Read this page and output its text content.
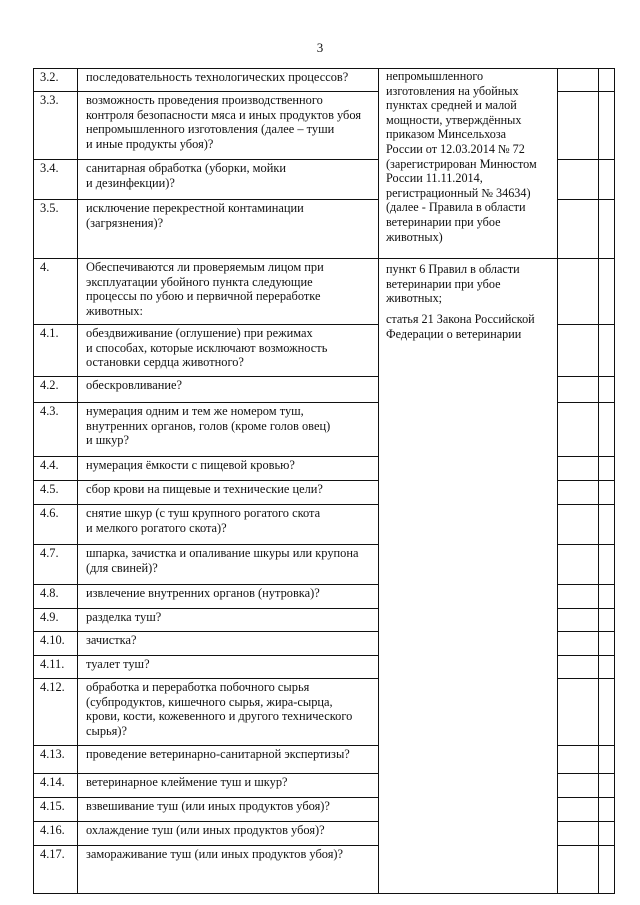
3
3.2. последовательность технологических процессов?
3.3. возможность проведения производственного
контроля безопасности мяса и иных продуктов убоя
непромышленного изготовления (далее – туши
и иные продукты убоя)?
3.4. санитарная обработка (уборки, мойки
и дезинфекции)?
3.5. исключение перекрестной контаминации
(загрязнения)?
4.	Обеспечиваются ли проверяемым лицом при
эксплуатации убойного пункта следующие
процессы по убою и первичной переработке
животных:
4.1. обездвиживание (оглушение) при режимах
и способах, которые исключают возможность
остановки сердца животного?
4.2. обескровливание?
4.3. нумерация одним и тем же номером туш,
внутренних органов, голов (кроме голов овец)
и шкур?
4.4. нумерация ёмкости с пищевой кровью?
4.5. сбор крови на пищевые и технические цели?
4.6. снятие шкур (с туш крупного рогатого скота
и мелкого рогатого скота)?
4.7. шпарка, зачистка и опаливание шкуры или крупона
(для свиней)?
4.8. извлечение внутренних органов (нутровка)?
4.9. разделка туш?
4.10. зачистка?
4.11. туалет туш?
4.12. обработка и переработка побочного сырья
(субпродуктов, кишечного сырья, жира-сырца,
крови, кости, кожевенного и другого технического
сырья)?
4.13. проведение ветеринарно-санитарной экспертизы?
4.14. ветеринарное клеймение туш и шкур?
4.15. взвешивание туш (или иных продуктов убоя)?
4.16. охлаждение туш (или иных продуктов убоя)?
4.17. замораживание туш (или иных продуктов убоя)?
непромышленного
изготовления на убойных
пунктах средней и малой
мощности, утверждённых
приказом Минсельхоза
России от 12.03.2014 № 72
(зарегистрирован Минюстом
России 11.11.2014,
регистрационный № 34634)
(далее - Правила в области
ветеринарии при убое
животных)
пункт 6 Правил в области
ветеринарии при убое
животных;
статья 21 Закона Российской
Федерации о ветеринарии
